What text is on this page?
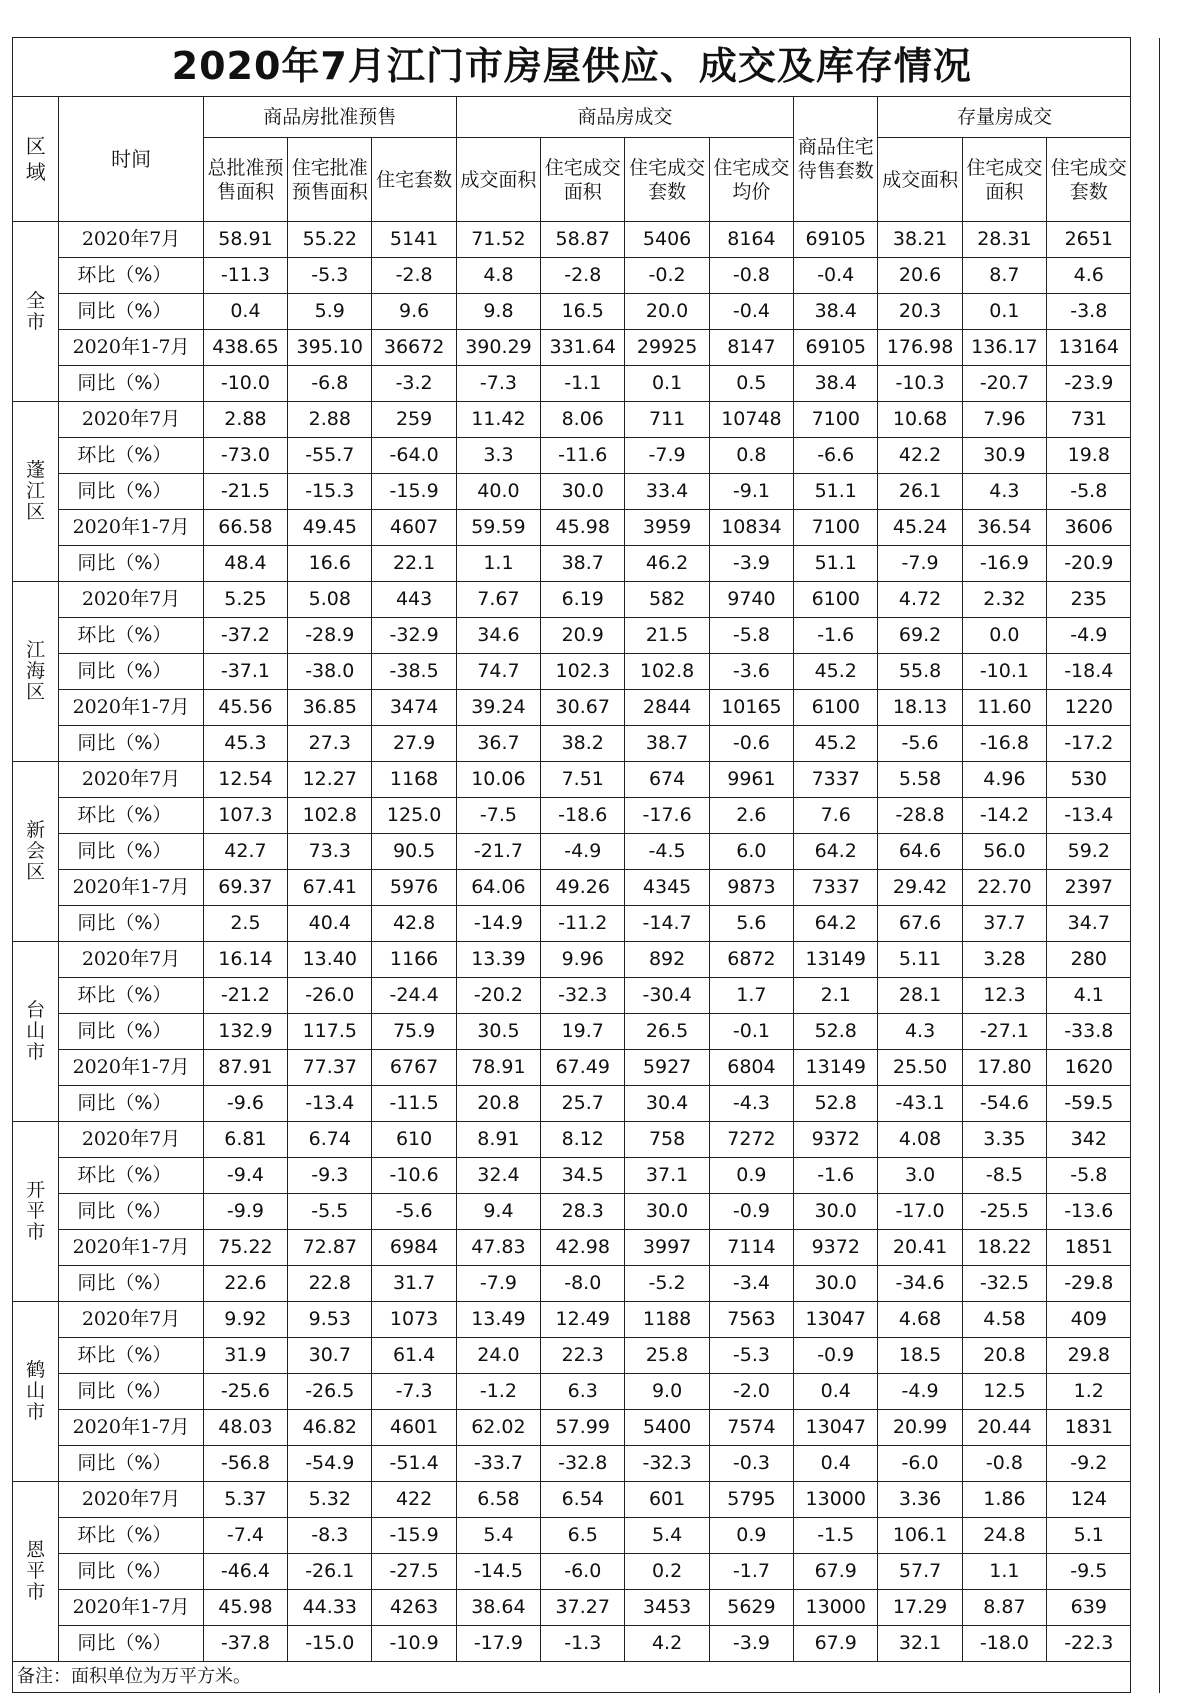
2020年7月江门市房屋供应、成交及库存情况													

区
域	时间	商品房批准预售			商品房成交				商品住宅待售套数	存量房成交			
		总批准预售面积	住宅批准预售面积	住宅套数	成交面积	住宅成交面积	住宅成交套数	住宅成交均价		成交面积	住宅成交面积	住宅成交套数	

全
市	2020年7月	58.91	55.22	5141	71.52	58.87	5406	8164	69105	38.21	28.31	2651	
	环比（%）	-11.3	-5.3	-2.8	4.8	-2.8	-0.2	-0.8	-0.4	20.6	8.7	4.6	
	同比（%）	0.4	5.9	9.6	9.8	16.5	20.0	-0.4	38.4	20.3	0.1	-3.8	
	2020年1-7月	438.65	395.10	36672	390.29	331.64	29925	8147	69105	176.98	136.17	13164	
	同比（%）	-10.0	-6.8	-3.2	-7.3	-1.1	0.1	0.5	38.4	-10.3	-20.7	-23.9	

蓬
江
区	2020年7月	2.88	2.88	259	11.42	8.06	711	10748	7100	10.68	7.96	731	
	环比（%）	-73.0	-55.7	-64.0	3.3	-11.6	-7.9	0.8	-6.6	42.2	30.9	19.8	
	同比（%）	-21.5	-15.3	-15.9	40.0	30.0	33.4	-9.1	51.1	26.1	4.3	-5.8	
	2020年1-7月	66.58	49.45	4607	59.59	45.98	3959	10834	7100	45.24	36.54	3606	
	同比（%）	48.4	16.6	22.1	1.1	38.7	46.2	-3.9	51.1	-7.9	-16.9	-20.9	

江
海
区	2020年7月	5.25	5.08	443	7.67	6.19	582	9740	6100	4.72	2.32	235	
	环比（%）	-37.2	-28.9	-32.9	34.6	20.9	21.5	-5.8	-1.6	69.2	0.0	-4.9	
	同比（%）	-37.1	-38.0	-38.5	74.7	102.3	102.8	-3.6	45.2	55.8	-10.1	-18.4	
	2020年1-7月	45.56	36.85	3474	39.24	30.67	2844	10165	6100	18.13	11.60	1220	
	同比（%）	45.3	27.3	27.9	36.7	38.2	38.7	-0.6	45.2	-5.6	-16.8	-17.2	

新
会
区	2020年7月	12.54	12.27	1168	10.06	7.51	674	9961	7337	5.58	4.96	530	
	环比（%）	107.3	102.8	125.0	-7.5	-18.6	-17.6	2.6	7.6	-28.8	-14.2	-13.4	
	同比（%）	42.7	73.3	90.5	-21.7	-4.9	-4.5	6.0	64.2	64.6	56.0	59.2	
	2020年1-7月	69.37	67.41	5976	64.06	49.26	4345	9873	7337	29.42	22.70	2397	
	同比（%）	2.5	40.4	42.8	-14.9	-11.2	-14.7	5.6	64.2	67.6	37.7	34.7	

台
山
市	2020年7月	16.14	13.40	1166	13.39	9.96	892	6872	13149	5.11	3.28	280	
	环比（%）	-21.2	-26.0	-24.4	-20.2	-32.3	-30.4	1.7	2.1	28.1	12.3	4.1	
	同比（%）	132.9	117.5	75.9	30.5	19.7	26.5	-0.1	52.8	4.3	-27.1	-33.8	
	2020年1-7月	87.91	77.37	6767	78.91	67.49	5927	6804	13149	25.50	17.80	1620	
	同比（%）	-9.6	-13.4	-11.5	20.8	25.7	30.4	-4.3	52.8	-43.1	-54.6	-59.5	

开
平
市	2020年7月	6.81	6.74	610	8.91	8.12	758	7272	9372	4.08	3.35	342	
	环比（%）	-9.4	-9.3	-10.6	32.4	34.5	37.1	0.9	-1.6	3.0	-8.5	-5.8	
	同比（%）	-9.9	-5.5	-5.6	9.4	28.3	30.0	-0.9	30.0	-17.0	-25.5	-13.6	
	2020年1-7月	75.22	72.87	6984	47.83	42.98	3997	7114	9372	20.41	18.22	1851	
	同比（%）	22.6	22.8	31.7	-7.9	-8.0	-5.2	-3.4	30.0	-34.6	-32.5	-29.8	

鹤
山
市	2020年7月	9.92	9.53	1073	13.49	12.49	1188	7563	13047	4.68	4.58	409	
	环比（%）	31.9	30.7	61.4	24.0	22.3	25.8	-5.3	-0.9	18.5	20.8	29.8	
	同比（%）	-25.6	-26.5	-7.3	-1.2	6.3	9.0	-2.0	0.4	-4.9	12.5	1.2	
	2020年1-7月	48.03	46.82	4601	62.02	57.99	5400	7574	13047	20.99	20.44	1831	
	同比（%）	-56.8	-54.9	-51.4	-33.7	-32.8	-32.3	-0.3	0.4	-6.0	-0.8	-9.2	

恩
平
市	2020年7月	5.37	5.32	422	6.58	6.54	601	5795	13000	3.36	1.86	124	
	环比（%）	-7.4	-8.3	-15.9	5.4	6.5	5.4	0.9	-1.5	106.1	24.8	5.1	
	同比（%）	-46.4	-26.1	-27.5	-14.5	-6.0	0.2	-1.7	67.9	57.7	1.1	-9.5	
	2020年1-7月	45.98	44.33	4263	38.64	37.27	3453	5629	13000	17.29	8.87	639	
	同比（%）	-37.8	-15.0	-10.9	-17.9	-1.3	4.2	-3.9	67.9	32.1	-18.0	-22.3	
备注：面积单位为万平方米。													
